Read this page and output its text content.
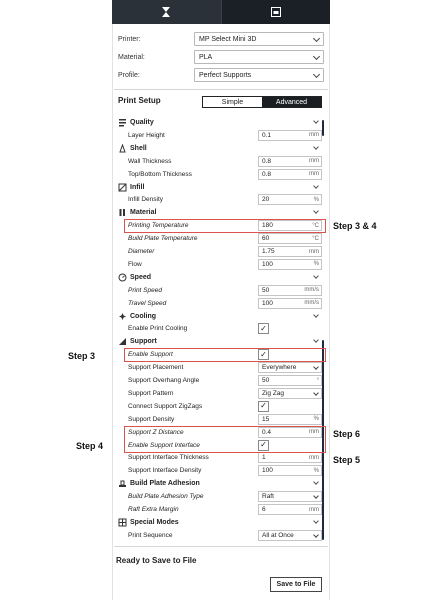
Printer:	MP Select Mini 3D
Material:	PLA
Profile:	Perfect Supports
Print Setup	Simple	Advanced
Quality
Layer Height	0.1	mm
Shell
Wall Thickness	0.8	mm
Top/Bottom Thickness	0.8	mm
Infill
Infill Density	20	%
Material
Printing Temperature	180	°C
Build Plate Temperature	60	°C
Diameter	1.75	mm
Flow	100	%
Speed
Print Speed	50	mm/s
Travel Speed	100	mm/s
Cooling
Enable Print Cooling	✓
Support
Enable Support	✓
Support Placement	Everywhere
Support Overhang Angle	50	°
Support Pattern	Zig Zag
Connect Support ZigZags	✓
Support Density	15	%
Support Z Distance	0.4	mm
Enable Support Interface	✓
Support Interface Thickness	1	mm
Support Interface Density	100	%
Build Plate Adhesion
Build Plate Adhesion Type	Raft
Raft Extra Margin	6	mm
Special Modes
Print Sequence	All at Once
Step 3 & 4
Step 3
Step 4
Step 6
Step 5
Ready to Save to File
Save to File
